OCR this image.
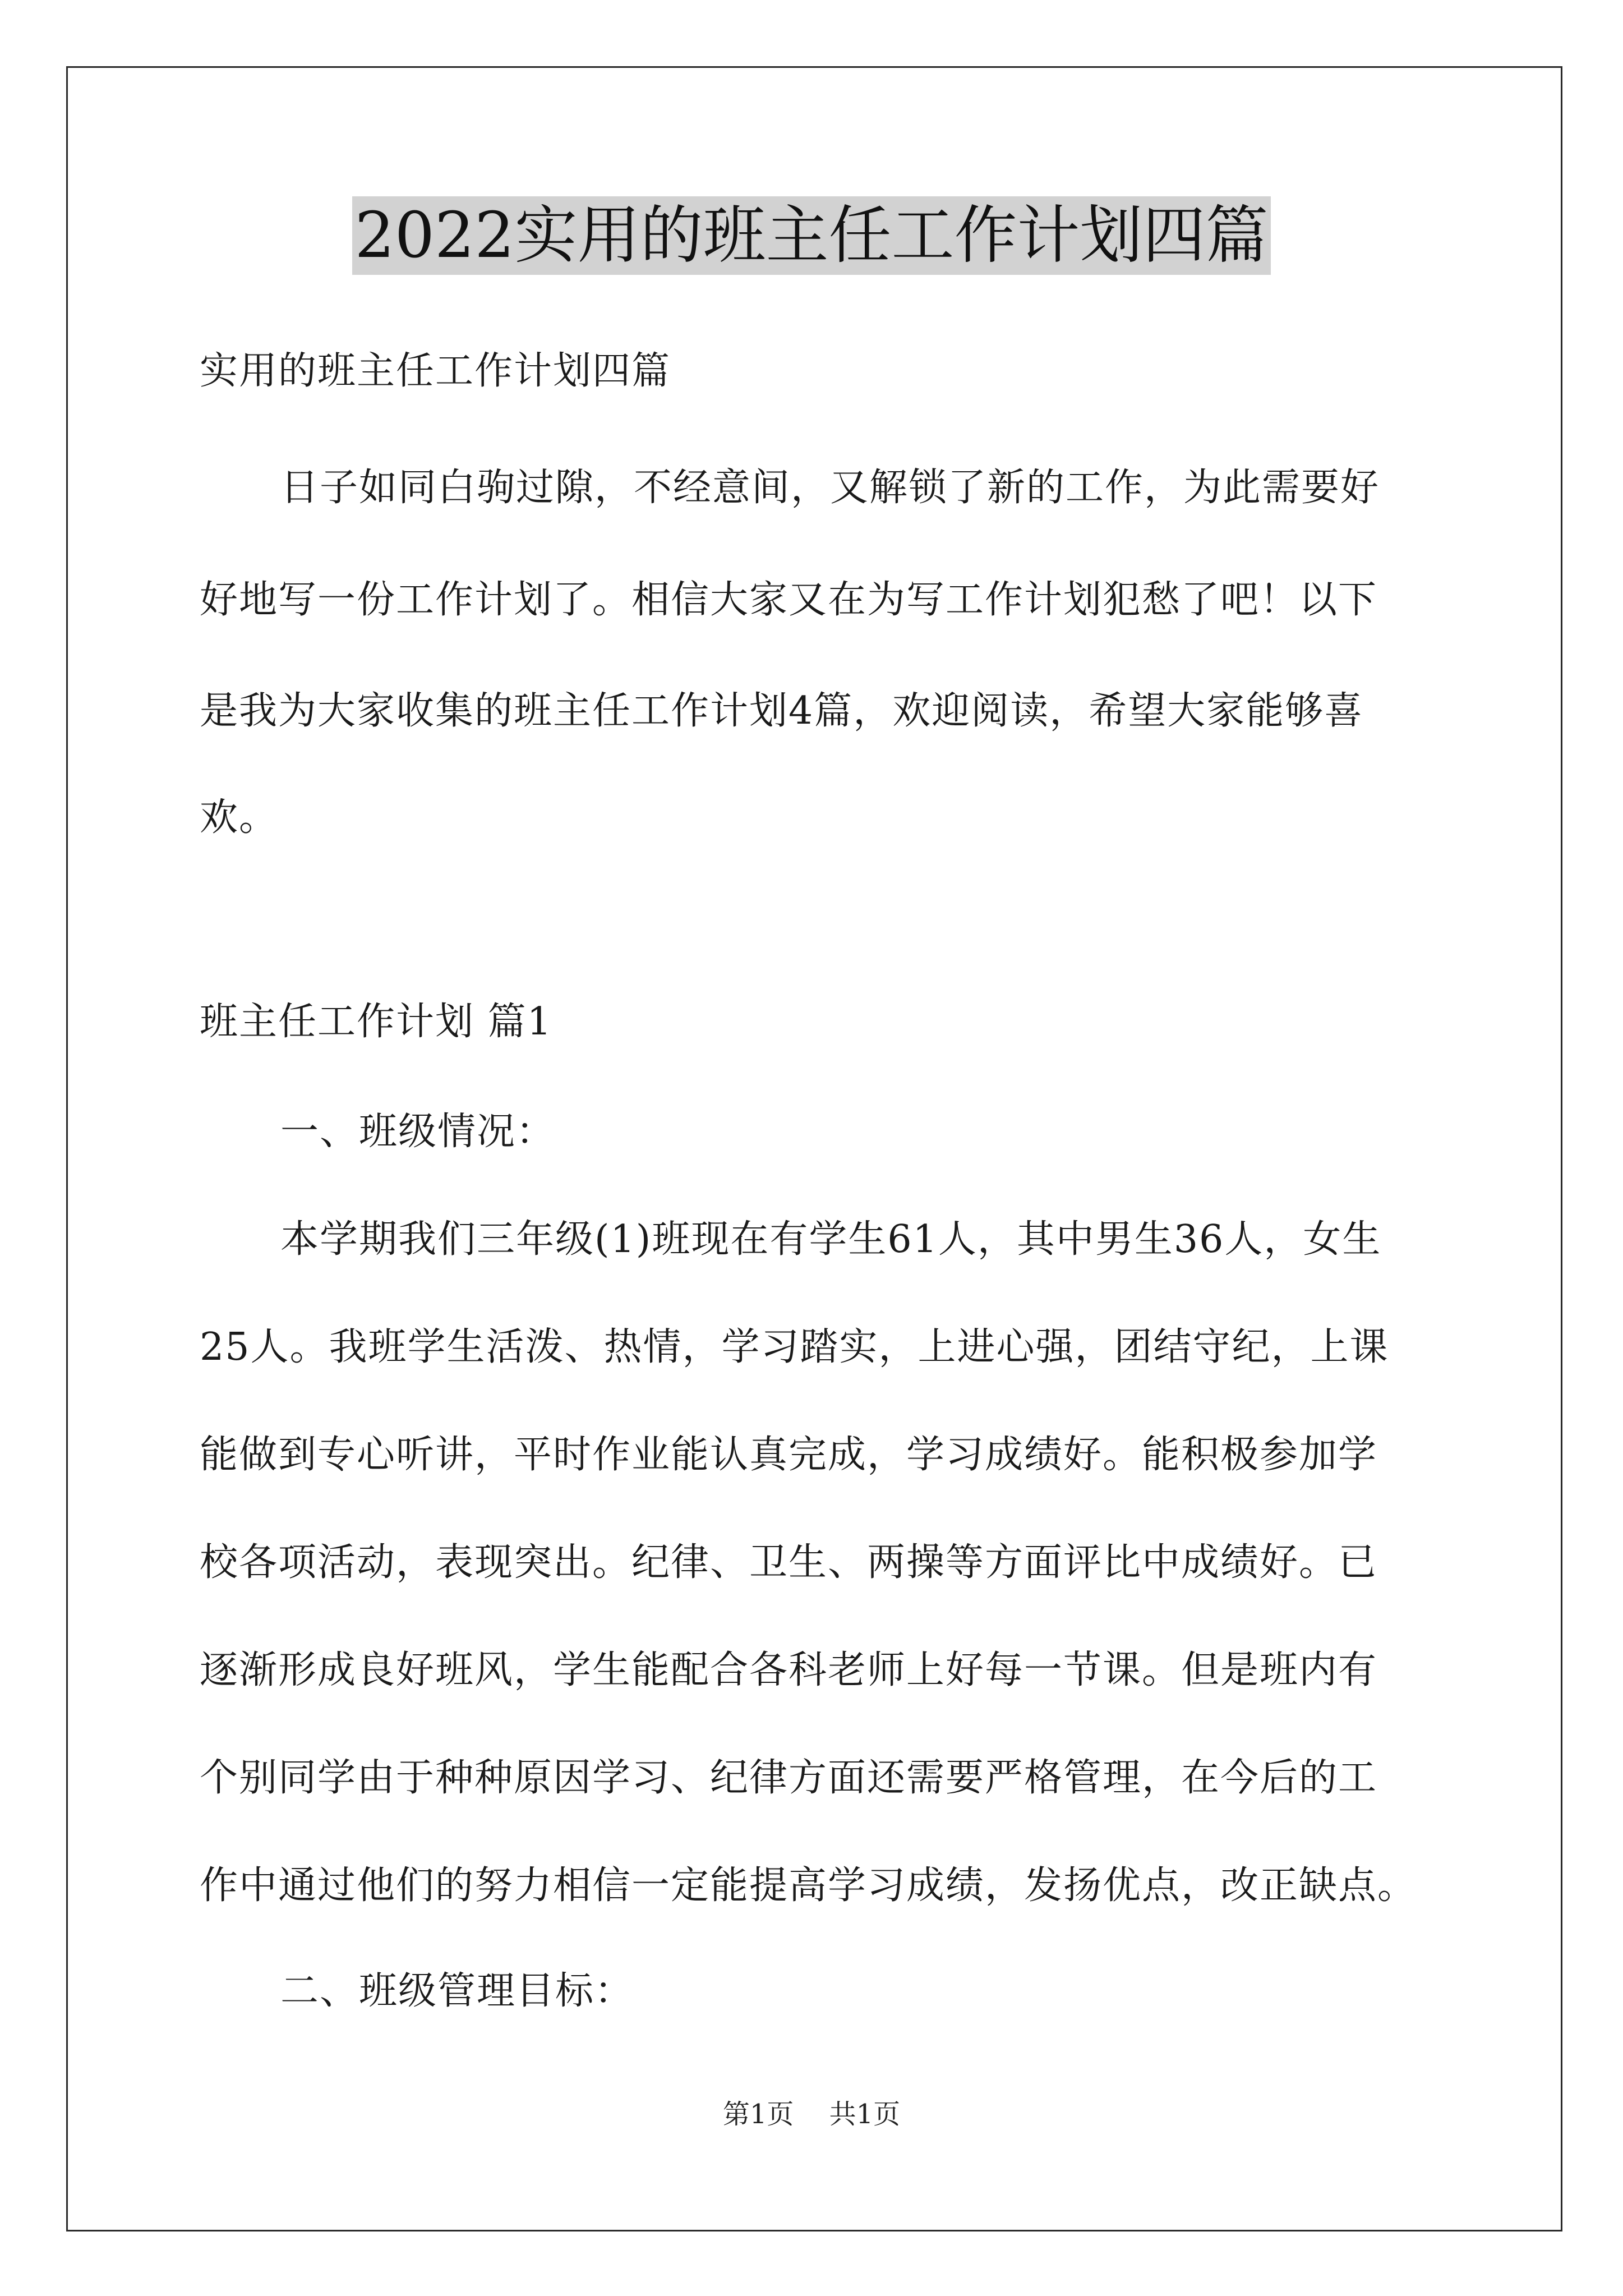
2022实用的班主任工作计划四篇
实用的班主任工作计划四篇
日子如同白驹过隙，不经意间，又解锁了新的工作，为此需要好
好地写一份工作计划了。相信大家又在为写工作计划犯愁了吧！以下
是我为大家收集的班主任工作计划4篇，欢迎阅读，希望大家能够喜
欢。
班主任工作计划 篇1
一、班级情况：
本学期我们三年级(1)班现在有学生61人，其中男生36人，女生
25人。我班学生活泼、热情，学习踏实，上进心强，团结守纪，上课
能做到专心听讲，平时作业能认真完成，学习成绩好。能积极参加学
校各项活动，表现突出。纪律、卫生、两操等方面评比中成绩好。已
逐渐形成良好班风，学生能配合各科老师上好每一节课。但是班内有
个别同学由于种种原因学习、纪律方面还需要严格管理，在今后的工
作中通过他们的努力相信一定能提高学习成绩，发扬优点，改正缺点。
二、班级管理目标：
第1页 共1页
